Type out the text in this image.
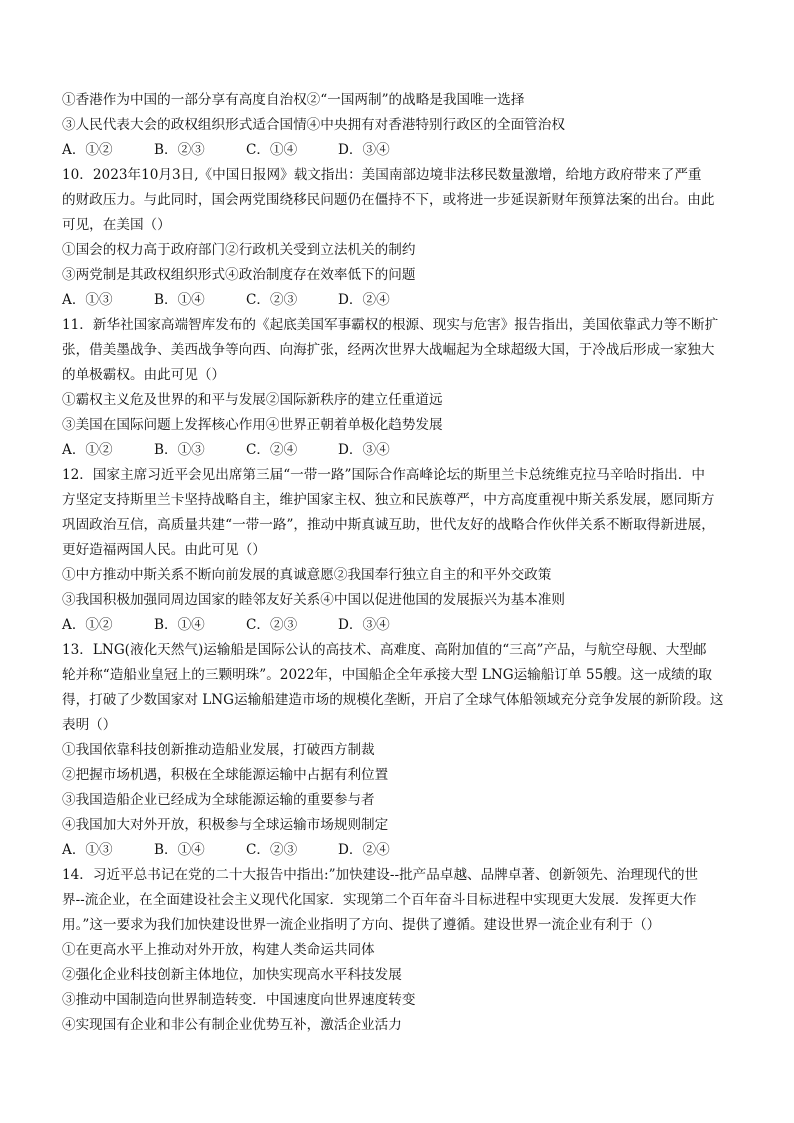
①香港作为中国的一部分享有高度自治权②“一国两制”的战略是我国唯一选择
③人民代表大会的政权组织形式适合国情④中央拥有对香港特别行政区的全面管治权
A．①②	B．②③	C．①④	D．③④
10．2023年10月3日,《中国日报网》载文指出：美国南部边境非法移民数量激增，给地方政府带来了严重
的财政压力。与此同时，国会两党围绕移民问题仍在僵持不下，或将进一步延误新财年预算法案的出台。由此
可见，在美国（）
①国会的权力高于政府部门②行政机关受到立法机关的制约
③两党制是其政权组织形式④政治制度存在效率低下的问题
A．①③	B．①④	C．②③	D．②④
11．新华社国家高端智库发布的《起底美国军事霸权的根源、现实与危害》报告指出，美国依靠武力等不断扩
张，借美墨战争、美西战争等向西、向海扩张，经两次世界大战崛起为全球超级大国，于冷战后形成一家独大
的单极霸权。由此可见（）
①霸权主义危及世界的和平与发展②国际新秩序的建立任重道远
③美国在国际问题上发挥核心作用④世界正朝着单极化趋势发展
A．①②	B．①③	C．②④	D．③④
12．国家主席习近平会见出席第三届“一带一路”国际合作高峰论坛的斯里兰卡总统维克拉马辛哈时指出．中
方坚定支持斯里兰卡坚持战略自主，维护国家主权、独立和民族尊严，中方高度重视中斯关系发展，愿同斯方
巩固政治互信，高质量共建“一带一路”，推动中斯真诚互助，世代友好的战略合作伙伴关系不断取得新进展，
更好造福两国人民。由此可见（）
①中方推动中斯关系不断向前发展的真诚意愿②我国奉行独立自主的和平外交政策
③我国积极加强同周边国家的睦邻友好关系④中国以促进他国的发展振兴为基本准则
A．①②	B．①④	C．②③	D．③④
13．LNG(液化天然气)运输船是国际公认的高技术、高难度、高附加值的“三高”产品，与航空母舰、大型邮
轮并称“造船业皇冠上的三颗明珠”。2022年，中国船企全年承接大型 LNG运输船订单 55艘。这一成绩的取
得，打破了少数国家对 LNG运输船建造市场的规模化垄断，开启了全球气体船领域充分竞争发展的新阶段。这
表明（）
①我国依靠科技创新推动造船业发展，打破西方制裁
②把握市场机遇，积极在全球能源运输中占据有利位置
③我国造船企业已经成为全球能源运输的重要参与者
④我国加大对外开放，积极参与全球运输市场规则制定
A．①③	B．①④	C．②③	D．②④
14．习近平总书记在党的二十大报告中指出:”加快建设--批产品卓越、品牌卓著、创新领先、治理现代的世
界--流企业，在全面建设社会主义现代化国家．实现第二个百年奋斗目标进程中实现更大发展．发挥更大作
用。”这一要求为我们加快建设世界一流企业指明了方向、提供了遵循。建设世界一流企业有利于（）
①在更高水平上推动对外开放，构建人类命运共同体
②强化企业科技创新主体地位，加快实现高水平科技发展
③推动中国制造向世界制造转变．中国速度向世界速度转变
④实现国有企业和非公有制企业优势互补，激活企业活力
